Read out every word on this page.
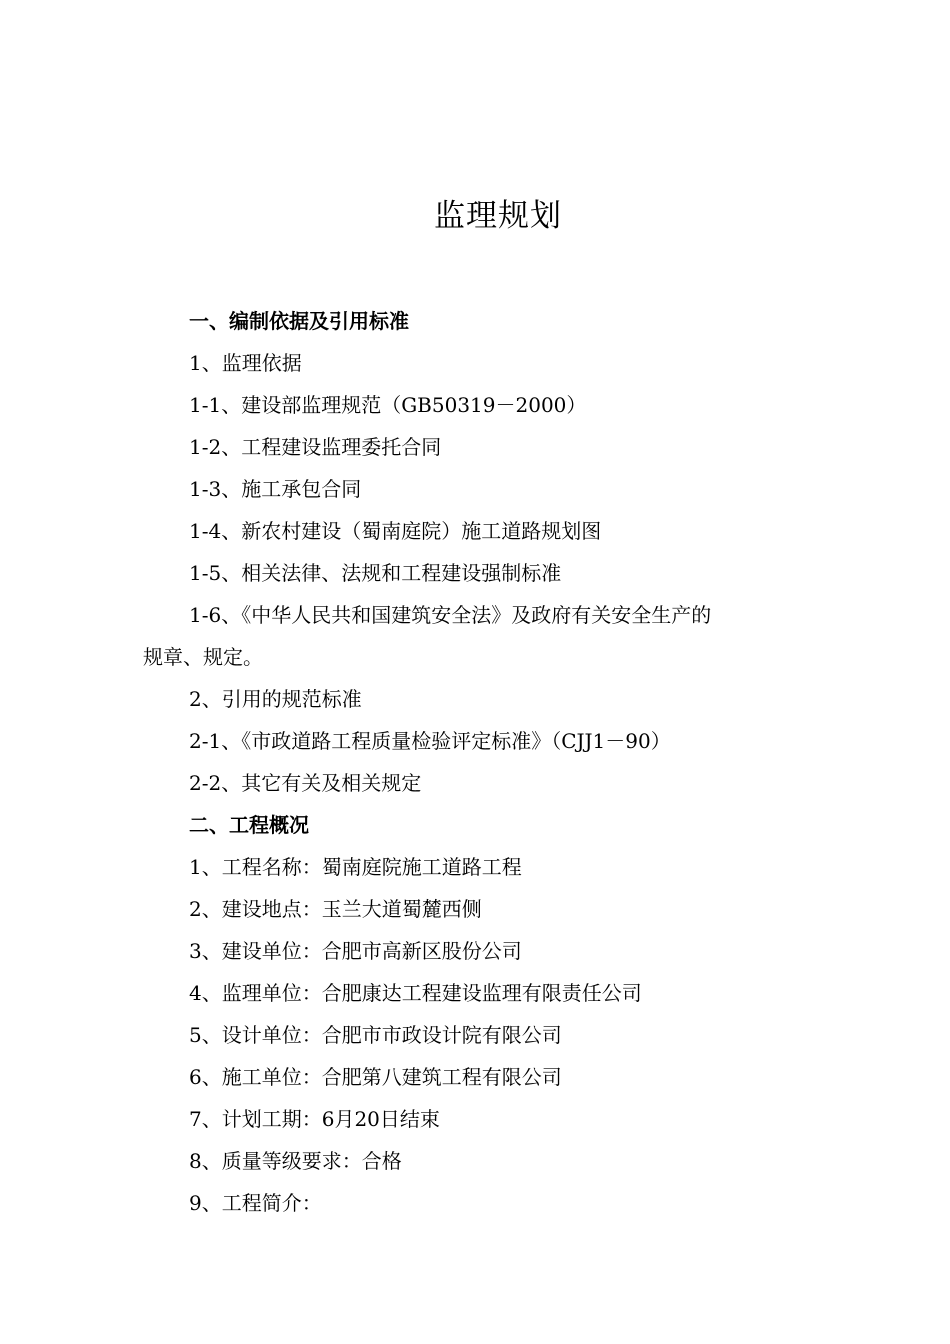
监理规划
一、编制依据及引用标准
1、监理依据
1-1、建设部监理规范（GB50319－2000）
1-2、工程建设监理委托合同
1-3、施工承包合同
1-4、新农村建设（蜀南庭院）施工道路规划图
1-5、相关法律、法规和工程建设强制标准
1-6、《中华人民共和国建筑安全法》及政府有关安全生产的
规章、规定。
2、引用的规范标准
2-1、《市政道路工程质量检验评定标准》（CJJ1－90）
2-2、其它有关及相关规定
二、工程概况
1、工程名称：蜀南庭院施工道路工程
2、建设地点：玉兰大道蜀麓西侧
3、建设单位：合肥市高新区股份公司
4、监理单位：合肥康达工程建设监理有限责任公司
5、设计单位：合肥市市政设计院有限公司
6、施工单位：合肥第八建筑工程有限公司
7、计划工期：6月20日结束
8、质量等级要求：合格
9、工程简介：
